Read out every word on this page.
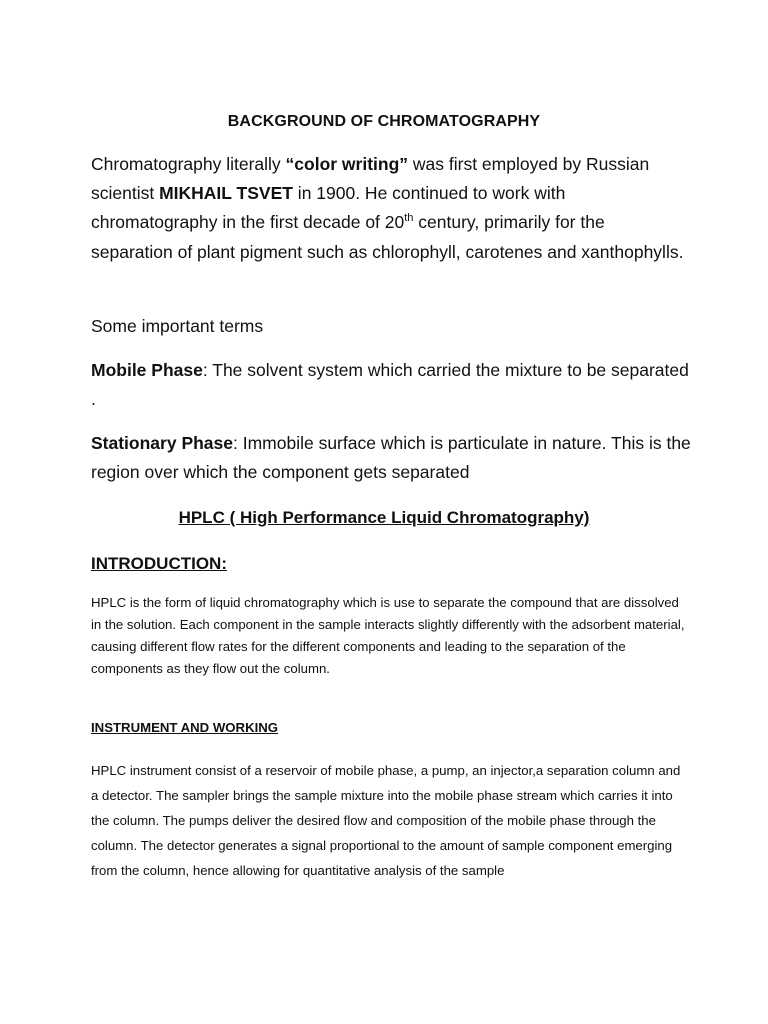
BACKGROUND OF CHROMATOGRAPHY

Chromatography literally “color writing” was first employed by Russian scientist MIKHAIL TSVET in 1900. He continued to work with chromatography in the first decade of 20th century, primarily for the separation of plant pigment such as chlorophyll, carotenes and xanthophylls.

Some important terms

Mobile Phase: The solvent system which carried the mixture to be separated .

Stationary Phase: Immobile surface which is particulate in nature. This is the region over which the component gets separated

HPLC ( High Performance Liquid Chromatography)
INTRODUCTION:

HPLC is the form of liquid chromatography which is use to separate the compound that are dissolved in the solution. Each component in the sample interacts slightly differently with the adsorbent material, causing different flow rates for the different components and leading to the separation of the components as they flow out the column.

INSTRUMENT AND WORKING

HPLC instrument consist of a reservoir of mobile phase, a pump, an injector,a separation column and a detector. The sampler brings the sample mixture into the mobile phase stream which carries it into the column. The pumps deliver the desired flow and composition of the mobile phase through the column. The detector generates a signal proportional to the amount of sample component emerging from the column, hence allowing for quantitative analysis of the sample
